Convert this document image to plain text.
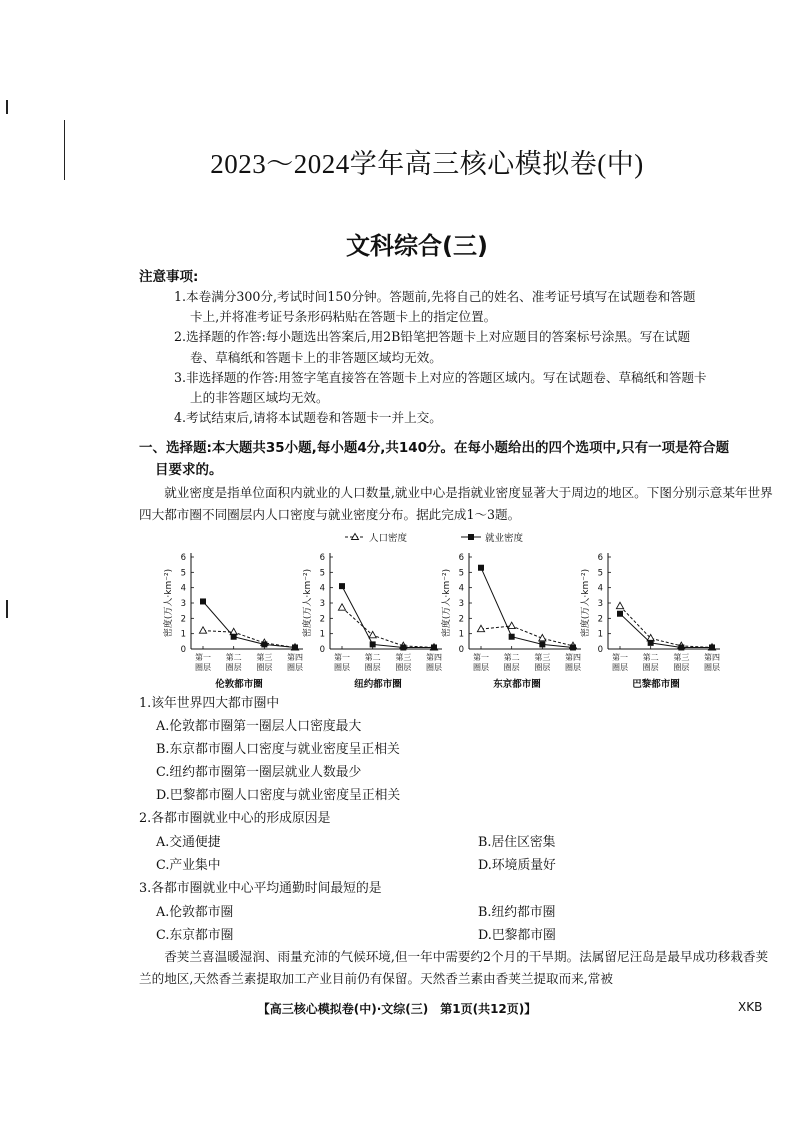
2023～2024学年高三核心模拟卷(中)
文科综合(三)
注意事项:

1.本卷满分300分,考试时间150分钟。答题前,先将自己的姓名、准考证号填写在试题卷和答题

卡上,并将准考证号条形码粘贴在答题卡上的指定位置。

2.选择题的作答:每小题选出答案后,用2B铅笔把答题卡上对应题目的答案标号涂黑。写在试题

卷、草稿纸和答题卡上的非答题区域均无效。

3.非选择题的作答:用签字笔直接答在答题卡上对应的答题区域内。写在试题卷、草稿纸和答题卡

上的非答题区域均无效。

4.考试结束后,请将本试题卷和答题卡一并上交。

一、选择题:本大题共35小题,每小题4分,共140分。在每小题给出的四个选项中,只有一项是符合题
目要求的。
就业密度是指单位面积内就业的人口数量,就业中心是指就业密度显著大于周边的地区。下图分别示意某年世界四大都市圈不同圈层内人口密度与就业密度分布。据此完成1～3题。
人口密度	就业密度
密度(万人·km⁻²)
0
1
2
3
4
5
6
第一
圈层
第二
圈层
第三
圈层
第四
圈层
伦敦都市圈
密度(万人·km⁻²)
0
1
2
3
4
5
6
第一
圈层
第二
圈层
第三
圈层
第四
圈层
纽约都市圈
密度(万人·km⁻²)
0
1
2
3
4
5
6
第一
圈层
第二
圈层
第三
圈层
第四
圈层
东京都市圈
密度(万人·km⁻²)
0
1
2
3
4
5
6
第一
圈层
第二
圈层
第三
圈层
第四
圈层
巴黎都市圈
1.该年世界四大都市圈中
A.伦敦都市圈第一圈层人口密度最大
B.东京都市圈人口密度与就业密度呈正相关
C.纽约都市圈第一圈层就业人数最少
D.巴黎都市圈人口密度与就业密度呈正相关
2.各都市圈就业中心的形成原因是
A.交通便捷	B.居住区密集
C.产业集中	D.环境质量好
3.各都市圈就业中心平均通勤时间最短的是
A.伦敦都市圈	B.纽约都市圈
C.东京都市圈	D.巴黎都市圈
香荚兰喜温暖湿润、雨量充沛的气候环境,但一年中需要约2个月的干旱期。法属留尼汪岛是最早成功移栽香荚兰的地区,天然香兰素提取加工产业目前仍有保留。天然香兰素由香荚兰提取而来,常被
【高三核心模拟卷(中)·文综(三)　第1页(共12页)】	XKB
